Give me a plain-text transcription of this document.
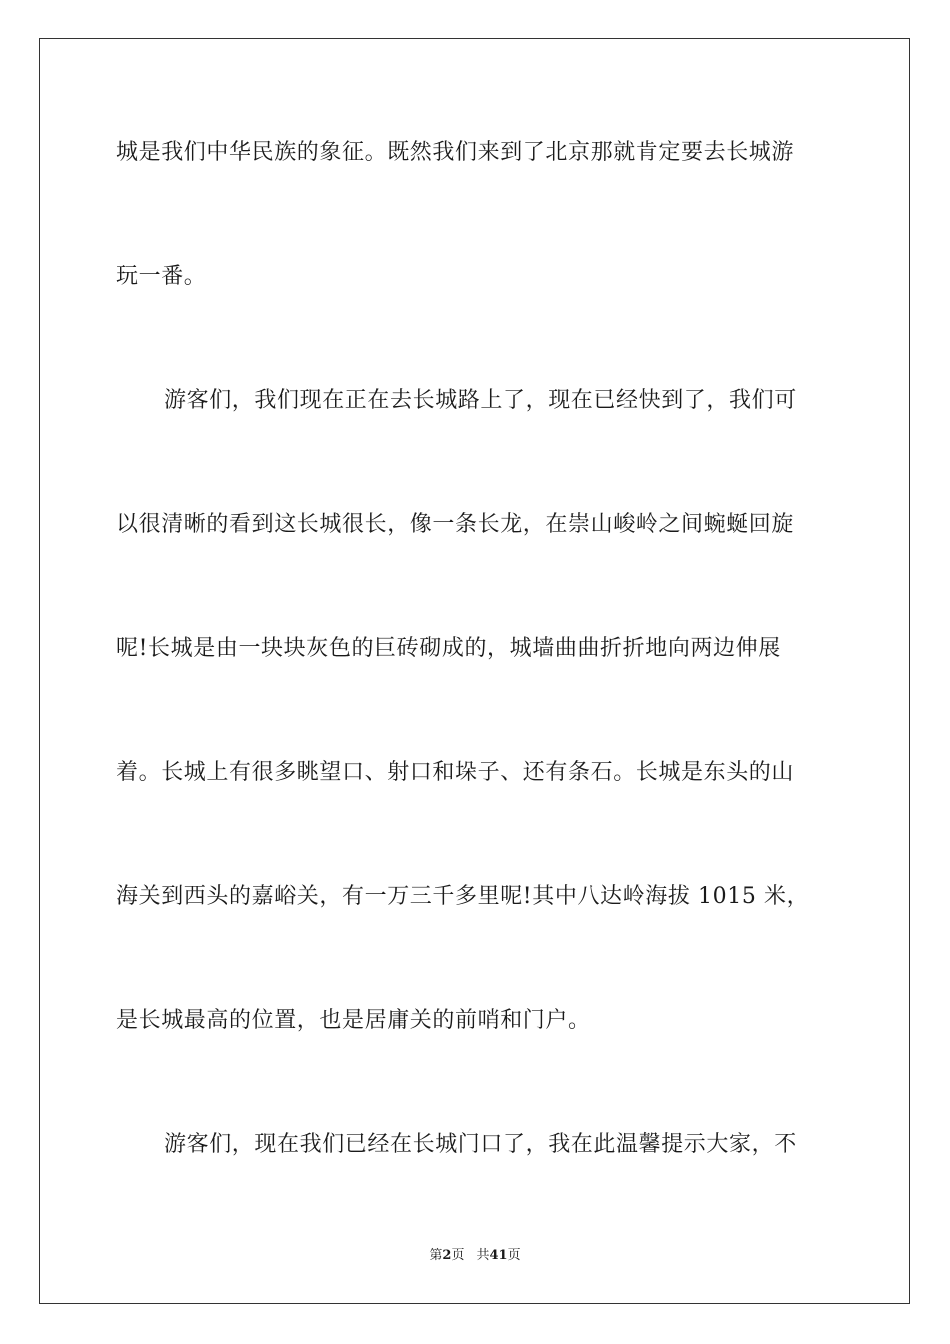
城是我们中华民族的象征。既然我们来到了北京那就肯定要去长城游
玩一番。
游客们，我们现在正在去长城路上了，现在已经快到了，我们可
以很清晰的看到这长城很长，像一条长龙，在崇山峻岭之间蜿蜒回旋
呢!长城是由一块块灰色的巨砖砌成的，城墙曲曲折折地向两边伸展
着。长城上有很多眺望口、射口和垛子、还有条石。长城是东头的山
海关到西头的嘉峪关，有一万三千多里呢!其中八达岭海拔 1015 米，
是长城最高的位置，也是居庸关的前哨和门户。
游客们，现在我们已经在长城门口了，我在此温馨提示大家，不
第2页 共41页
